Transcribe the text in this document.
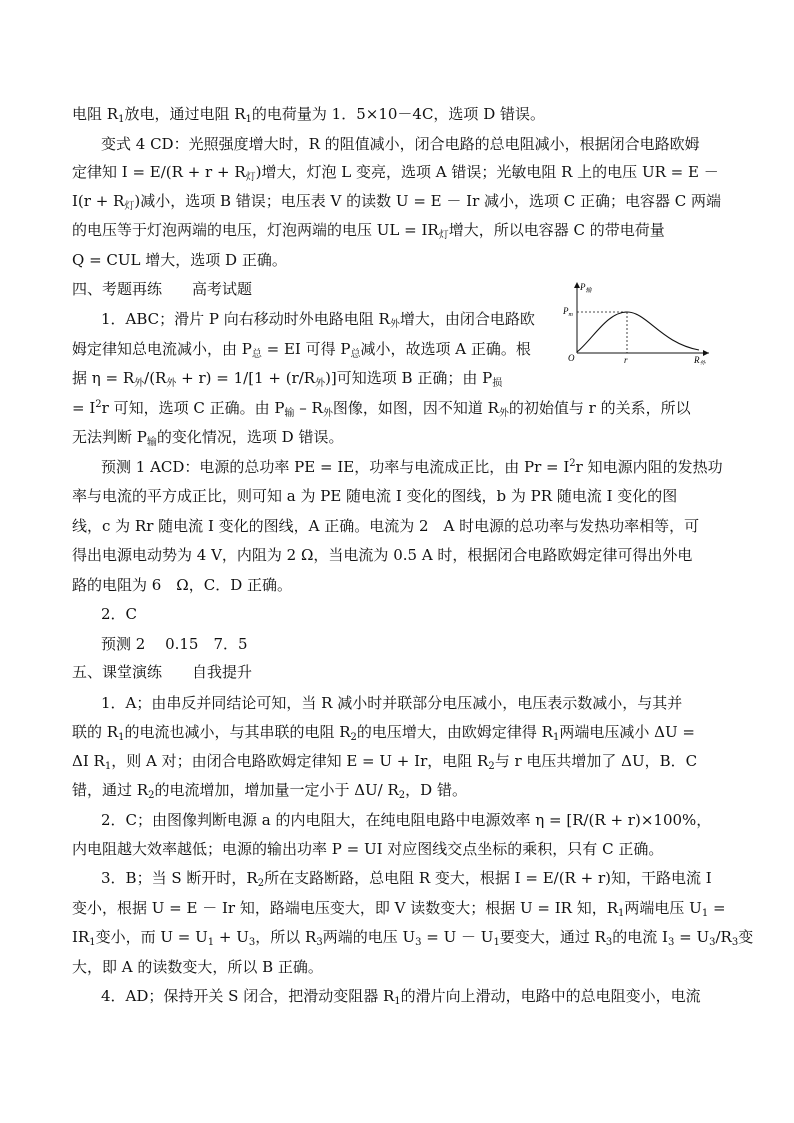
电阻 $R_1$放电，通过电阻 $R_1$的电荷量为 1．5×10－4C，选项 D 错误。
变式 4 CD：光照强度增大时，R 的阻值减小，闭合电路的总电阻减小，根据闭合电路欧姆
定律知 $I = E/(R + r + R_灯)$增大，灯泡 L 变亮，选项 A 错误；光敏电阻 R 上的电压 UR = E －
$I(r + R_灯)$减小，选项 B 错误；电压表 V 的读数 U = E － Ir 减小，选项 C 正确；电容器 C 两端
的电压等于灯泡两端的电压，灯泡两端的电压 UL = $IR_灯$增大，所以电容器 C 的带电荷量
Q = CUL 增大，选项 D 正确。
四、考题再练　　高考试题
1．ABC；滑片 P 向右移动时外电路电阻 $R_外$增大，由闭合电路欧
姆定律知总电流减小，由 $P_总$ = EI 可得 $P_总$减小，故选项 A 正确。根
据 $\eta = R_外/(R_外 + r) = 1/[1 + (r/R_外)]$可知选项 B 正确；由 $P_损$
= $I^2r$ 可知，选项 C 正确。由 $P_输 - R_外$图像，如图，因不知道 $R_外$的初始值与 r 的关系，所以
无法判断 $P_输$的变化情况，选项 D 错误。
预测 1 ACD：电源的总功率 PE = IE，功率与电流成正比，由 $Pr = I^2r$ 知电源内阻的发热功
率与电流的平方成正比，则可知 a 为 PE 随电流 I 变化的图线，b 为 PR 随电流 I 变化的图
线，c 为 Rr 随电流 I 变化的图线，A 正确。电流为 2　A 时电源的总功率与发热功率相等，可
得出电源电动势为 4 V，内阻为 2 Ω，当电流为 0.5 A 时，根据闭合电路欧姆定律可得出外电
路的电阻为 6　Ω，C．D 正确。
2．C
预测 2　 0.15　7．5
五、课堂演练　　自我提升
1．A；由串反并同结论可知，当 R 减小时并联部分电压减小，电压表示数减小，与其并
联的 $R_1$的电流也减小，与其串联的电阻 $R_2$的电压增大，由欧姆定律得 $R_1$两端电压减小 ΔU =
ΔI $R_1$，则 A 对；由闭合电路欧姆定律知 E = U + Ir，电阻 $R_2$与 r 电压共增加了 ΔU，B．C
错，通过 $R_2$的电流增加，增加量一定小于 ΔU/ $R_2$，D 错。
2．C；由图像判断电源 a 的内电阻大，在纯电阻电路中电源效率 η = [R/(R + r)×100%，
内电阻越大效率越低；电源的输出功率 P = UI 对应图线交点坐标的乘积，只有 C 正确。
3．B；当 S 断开时，$R_2$所在支路断路，总电阻 R 变大，根据 I = E/(R + r)知，干路电流 I
变小，根据 U = E － Ir 知，路端电压变大，即 V 读数变大；根据 U = IR 知，$R_1$两端电压 $U_1$ =
$IR_1$变小，而 $U = U_1 + U_3$，所以 $R_3$两端的电压 $U_3 = U - U_1$要变大，通过 $R_3$的电流 $I_3 = U_3/R_3$变
大，即 A 的读数变大，所以 B 正确。
4．AD；保持开关 S 闭合，把滑动变阻器 $R_1$的滑片向上滑动，电路中的总电阻变小，电流
$P_输$
$P_m$
O	r	$R_外$
